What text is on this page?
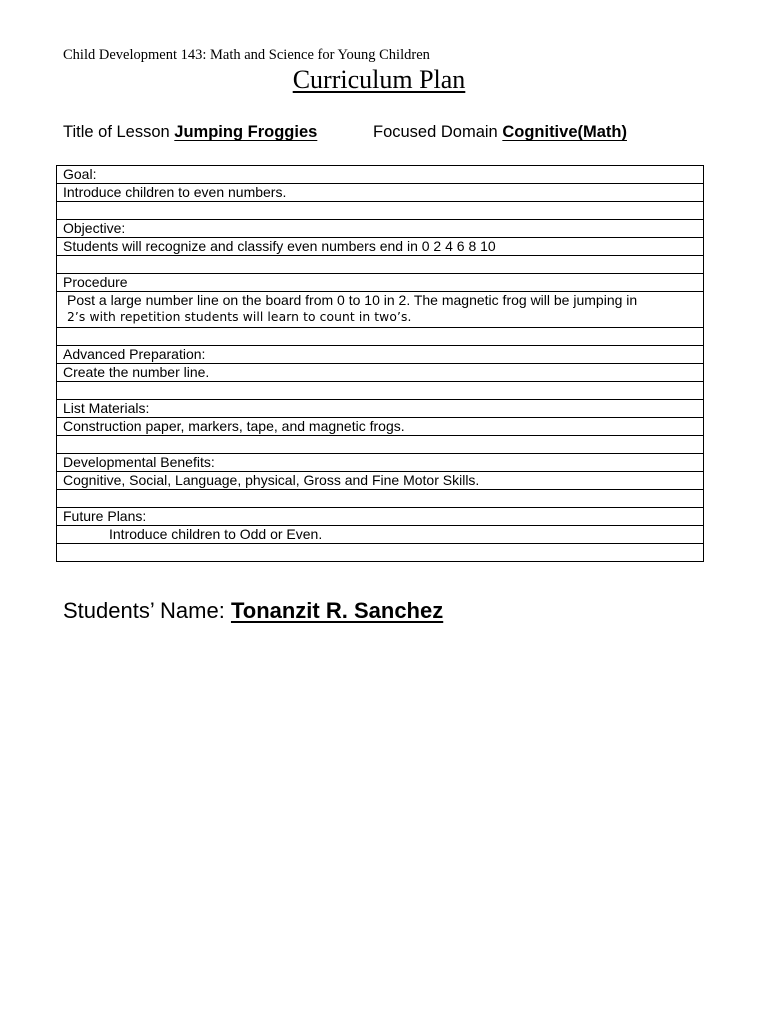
Child Development 143: Math and Science for Young Children
Curriculum Plan
Title of Lesson Jumping Froggies	Focused Domain Cognitive(Math)
Goal:
Introduce children to even numbers.

Objective:
Students will recognize and classify even numbers end in 0 2 4 6 8 10

Procedure

Post a large number line on the board from 0 to 10 in 2. The magnetic frog will be jumping in
2’s with repetition students will learn to count in two’s.

Advanced Preparation:
Create the number line.

List Materials:
Construction paper, markers, tape, and magnetic frogs.

Developmental Benefits:
Cognitive, Social, Language, physical, Gross and Fine Motor Skills.

Future Plans:
Introduce children to Odd or Even.

Students’ Name: Tonanzit R. Sanchez
